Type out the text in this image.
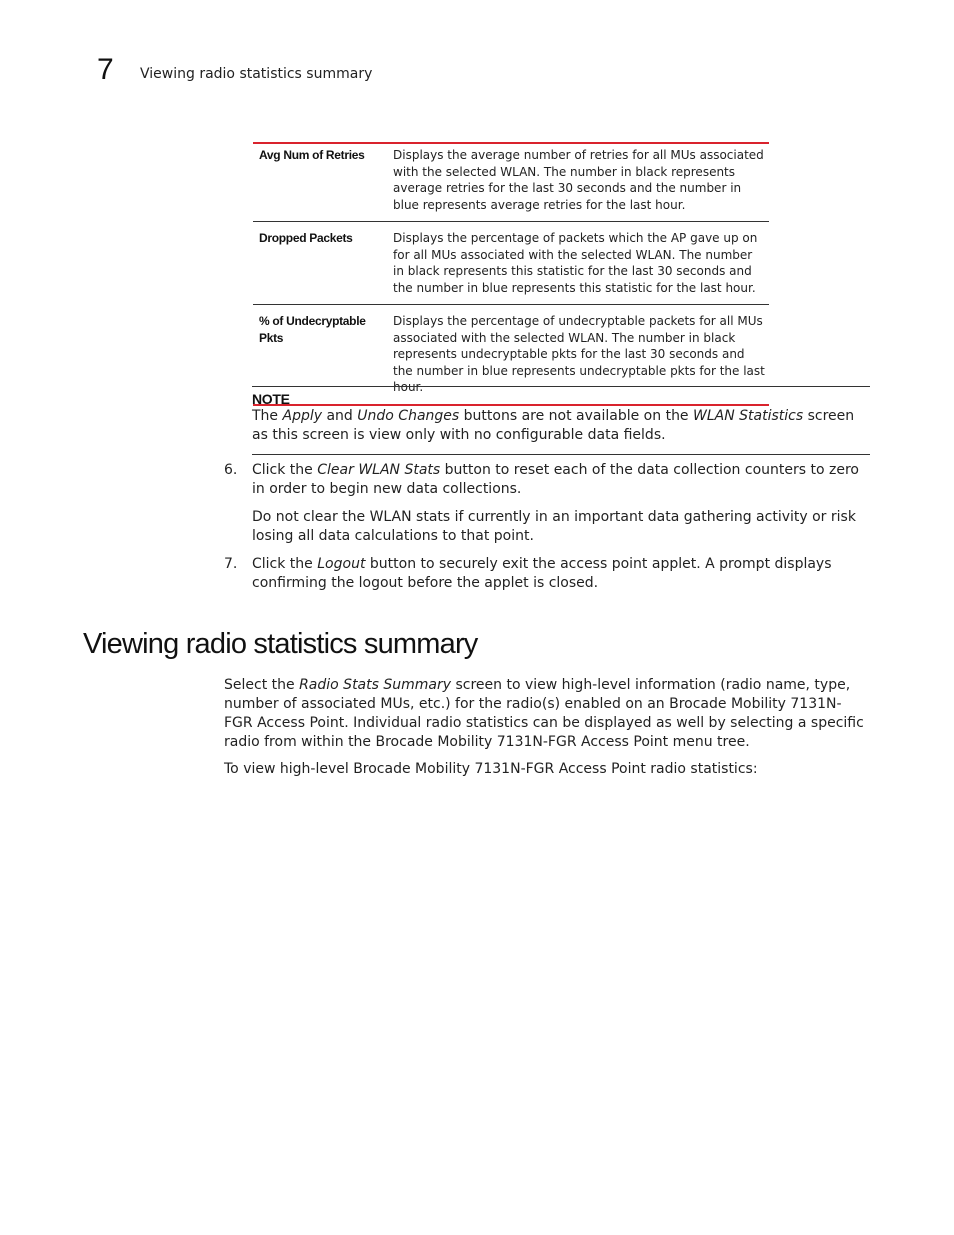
7 Viewing radio statistics summary
Avg Num of Retries	Displays the average number of retries for all MUs associated with the selected WLAN. The number in black represents average retries for the last 30 seconds and the number in blue represents average retries for the last hour.
Dropped Packets	Displays the percentage of packets which the AP gave up on for all MUs associated with the selected WLAN. The number in black represents this statistic for the last 30 seconds and the number in blue represents this statistic for the last hour.
% of Undecryptable Pkts
Displays the percentage of undecryptable packets for all MUs associated with the selected WLAN. The number in black represents undecryptable pkts for the last 30 seconds and the number in blue represents undecryptable pkts for the last hour.
NOTE
The Apply and Undo Changes buttons are not available on the WLAN Statistics screen as this screen is view only with no configurable data fields.
6. Click the Clear WLAN Stats button to reset each of the data collection counters to zero in order to begin new data collections.
Do not clear the WLAN stats if currently in an important data gathering activity or risk losing all data calculations to that point.
7. Click the Logout button to securely exit the access point applet. A prompt displays confirming the logout before the applet is closed.
Viewing radio statistics summary
Select the Radio Stats Summary screen to view high-level information (radio name, type, number of associated MUs, etc.) for the radio(s) enabled on an Brocade Mobility 7131N-FGR Access Point. Individual radio statistics can be displayed as well by selecting a specific radio from within the Brocade Mobility 7131N-FGR Access Point menu tree.
To view high-level Brocade Mobility 7131N-FGR Access Point radio statistics:
